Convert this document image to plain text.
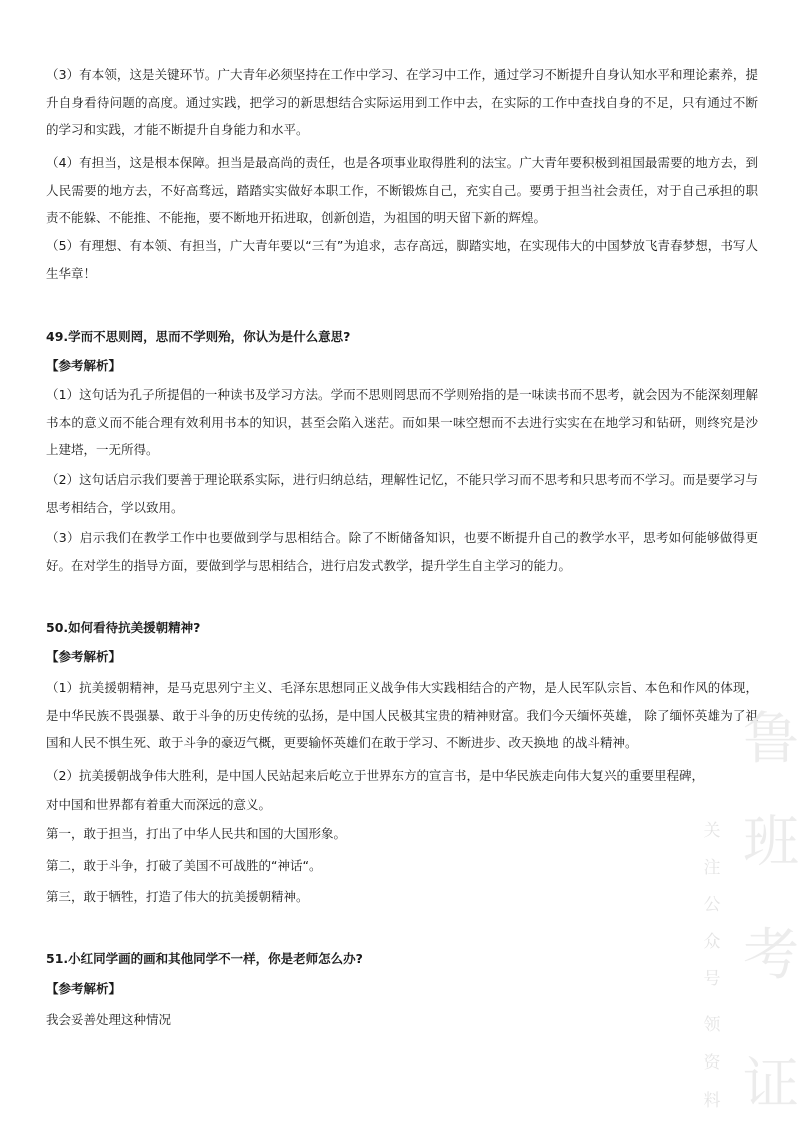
（3）有本领，这是关键环节。广大青年必须坚持在工作中学习、在学习中工作，通过学习不断提升自身认知水平和理论素养，提升自身看待问题的高度。通过实践，把学习的新思想结合实际运用到工作中去，在实际的工作中查找自身的不足，只有通过不断的学习和实践，才能不断提升自身能力和水平。

（4）有担当，这是根本保障。担当是最高尚的责任，也是各项事业取得胜利的法宝。广大青年要积极到祖国最需要的地方去，到人民需要的地方去，不好高骛远，踏踏实实做好本职工作，不断锻炼自己，充实自己。要勇于担当社会责任，对于自己承担的职责不能躲、不能推、不能拖，要不断地开拓进取，创新创造，为祖国的明天留下新的辉煌。

（5）有理想、有本领、有担当，广大青年要以“三有”为追求，志存高远，脚踏实地，在实现伟大的中国梦放飞青春梦想，书写人生华章！

49.学而不思则罔，思而不学则殆，你认为是什么意思?

【参考解析】

（1）这句话为孔子所提倡的一种读书及学习方法。学而不思则罔思而不学则殆指的是一味读书而不思考，就会因为不能深刻理解书本的意义而不能合理有效利用书本的知识，甚至会陷入迷茫。而如果一味空想而不去进行实实在在地学习和钻研，则终究是沙上建塔，一无所得。

（2）这句话启示我们要善于理论联系实际，进行归纳总结，理解性记忆，不能只学习而不思考和只思考而不学习。而是要学习与思考相结合，学以致用。

（3）启示我们在教学工作中也要做到学与思相结合。除了不断储备知识，也要不断提升自己的教学水平，思考如何能够做得更好。在对学生的指导方面，要做到学与思相结合，进行启发式教学，提升学生自主学习的能力。

50.如何看待抗美援朝精神?

【参考解析】

（1）抗美援朝精神，是马克思列宁主义、毛泽东思想同正义战争伟大实践相结合的产物，是人民军队宗旨、本色和作风的体现，是中华民族不畏强暴、敢于斗争的历史传统的弘扬，是中国人民极其宝贵的精神财富。我们今天缅怀英雄， 除了缅怀英雄为了祖国和人民不惧生死、敢于斗争的豪迈气概，更要输怀英雄们在敢于学习、不断进步、改天换地 的战斗精神。

（2）抗美援朝战争伟大胜利，是中国人民站起来后屹立于世界东方的宣言书，是中华民族走向伟大复兴的重要里程碑，

对中国和世界都有着重大而深远的意义。

第一，敢于担当，打出了中华人民共和国的大国形象。

第二，敢于斗争，打破了美国不可战胜的“神话“。

第三，敢于牺牲，打造了伟大的抗美援朝精神。

51.小红同学画的画和其他同学不一样，你是老师怎么办?

【参考解析】

我会妥善处理这种情况

鲁
班
考
证
关
注
公
众
号
领
资
料
